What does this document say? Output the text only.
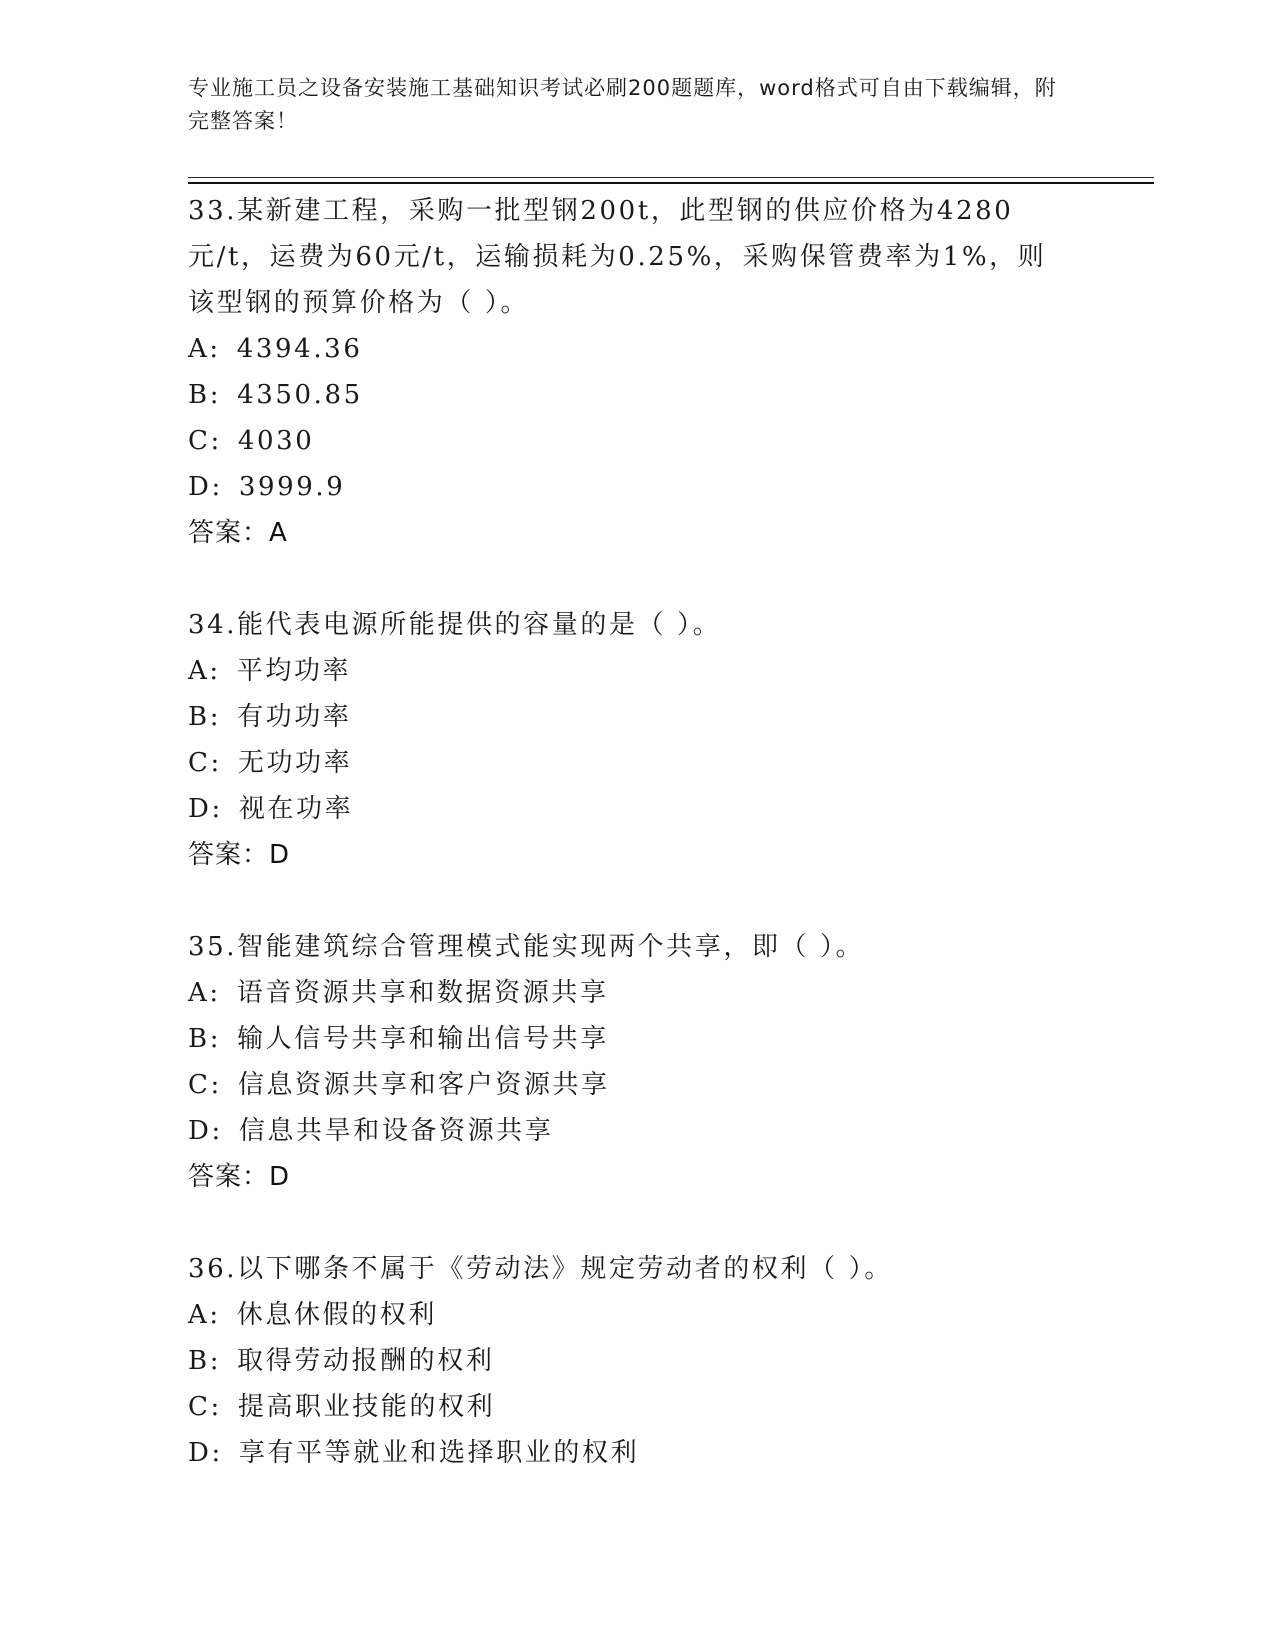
专业施工员之设备安装施工基础知识考试必刷200题题库，word格式可自由下载编辑，附完整答案！
33.某新建工程，采购一批型钢200t，此型钢的供应价格为4280元/t，运费为60元/t，运输损耗为0.25%，采购保管费率为1%，则该型钢的预算价格为（ ）。
A: 4394.36
B: 4350.85
C: 4030
D: 3999.9
答案：A
34.能代表电源所能提供的容量的是（ ）。
A: 平均功率
B: 有功功率
C: 无功功率
D: 视在功率
答案：D
35.智能建筑综合管理模式能实现两个共享，即（ ）。
A: 语音资源共享和数据资源共享
B: 输人信号共享和输出信号共享
C: 信息资源共享和客户资源共享
D: 信息共旱和设备资源共享
答案：D
36.以下哪条不属于《劳动法》规定劳动者的权利（ ）。
A: 休息休假的权利
B: 取得劳动报酬的权利
C: 提高职业技能的权利
D: 享有平等就业和选择职业的权利
